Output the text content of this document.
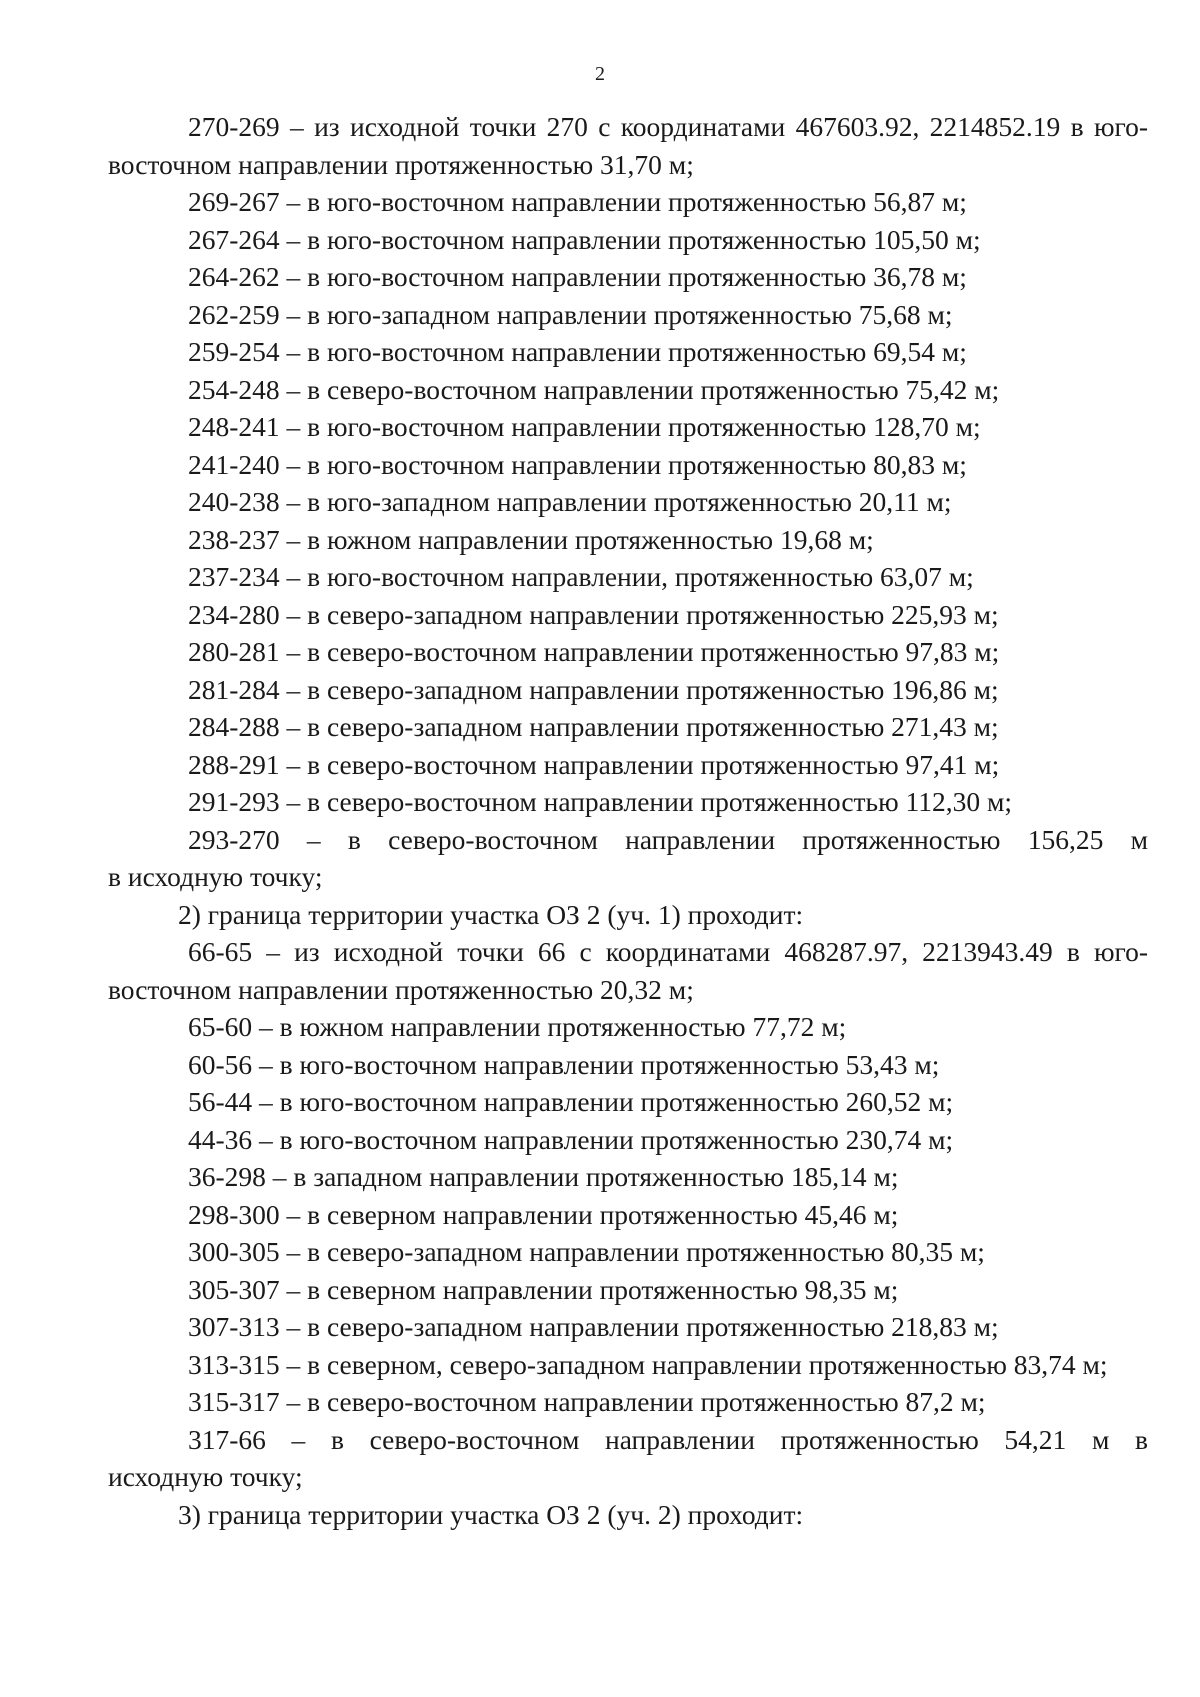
2

270-269 – из исходной точки 270 с координатами 467603.92, 2214852.19 в юго-восточном направлении протяженностью 31,70 м;

269-267 – в юго-восточном направлении протяженностью 56,87 м;

267-264 – в юго-восточном направлении протяженностью 105,50 м;

264-262 – в юго-восточном направлении протяженностью 36,78 м;

262-259 – в юго-западном направлении протяженностью 75,68 м;

259-254 – в юго-восточном направлении протяженностью 69,54 м;

254-248 – в северо-восточном направлении протяженностью 75,42 м;

248-241 – в юго-восточном направлении протяженностью 128,70 м;

241-240 – в юго-восточном направлении протяженностью 80,83 м;

240-238 – в юго-западном направлении протяженностью 20,11 м;

238-237 – в южном направлении протяженностью 19,68 м;

237-234 – в юго-восточном направлении, протяженностью 63,07 м;

234-280 – в северо-западном направлении протяженностью 225,93 м;

280-281 – в северо-восточном направлении протяженностью 97,83 м;

281-284 – в северо-западном направлении протяженностью 196,86 м;

284-288 – в северо-западном направлении протяженностью 271,43 м;

288-291 – в северо-восточном направлении протяженностью 97,41 м;

291-293 – в северо-восточном направлении протяженностью 112,30 м;

293-270 – в северо-восточном направлении протяженностью 156,25 м

в исходную точку;

2) граница территории участка ОЗ 2 (уч. 1) проходит:

66-65 – из исходной точки 66 с координатами 468287.97, 2213943.49 в юго-восточном направлении протяженностью 20,32 м;

65-60 – в южном направлении протяженностью 77,72 м;

60-56 – в юго-восточном направлении протяженностью 53,43 м;

56-44 – в юго-восточном направлении протяженностью 260,52 м;

44-36 – в юго-восточном направлении протяженностью 230,74 м;

36-298 – в западном направлении протяженностью 185,14 м;

298-300 – в северном направлении протяженностью 45,46 м;

300-305 – в северо-западном направлении протяженностью 80,35 м;

305-307 – в северном направлении протяженностью 98,35 м;

307-313 – в северо-западном направлении протяженностью 218,83 м;

313-315 – в северном, северо-западном направлении протяженностью 83,74 м;

315-317 – в северо-восточном направлении протяженностью 87,2 м;

317-66 – в северо-восточном направлении протяженностью 54,21 м в

исходную точку;

3) граница территории участка ОЗ 2 (уч. 2) проходит:
